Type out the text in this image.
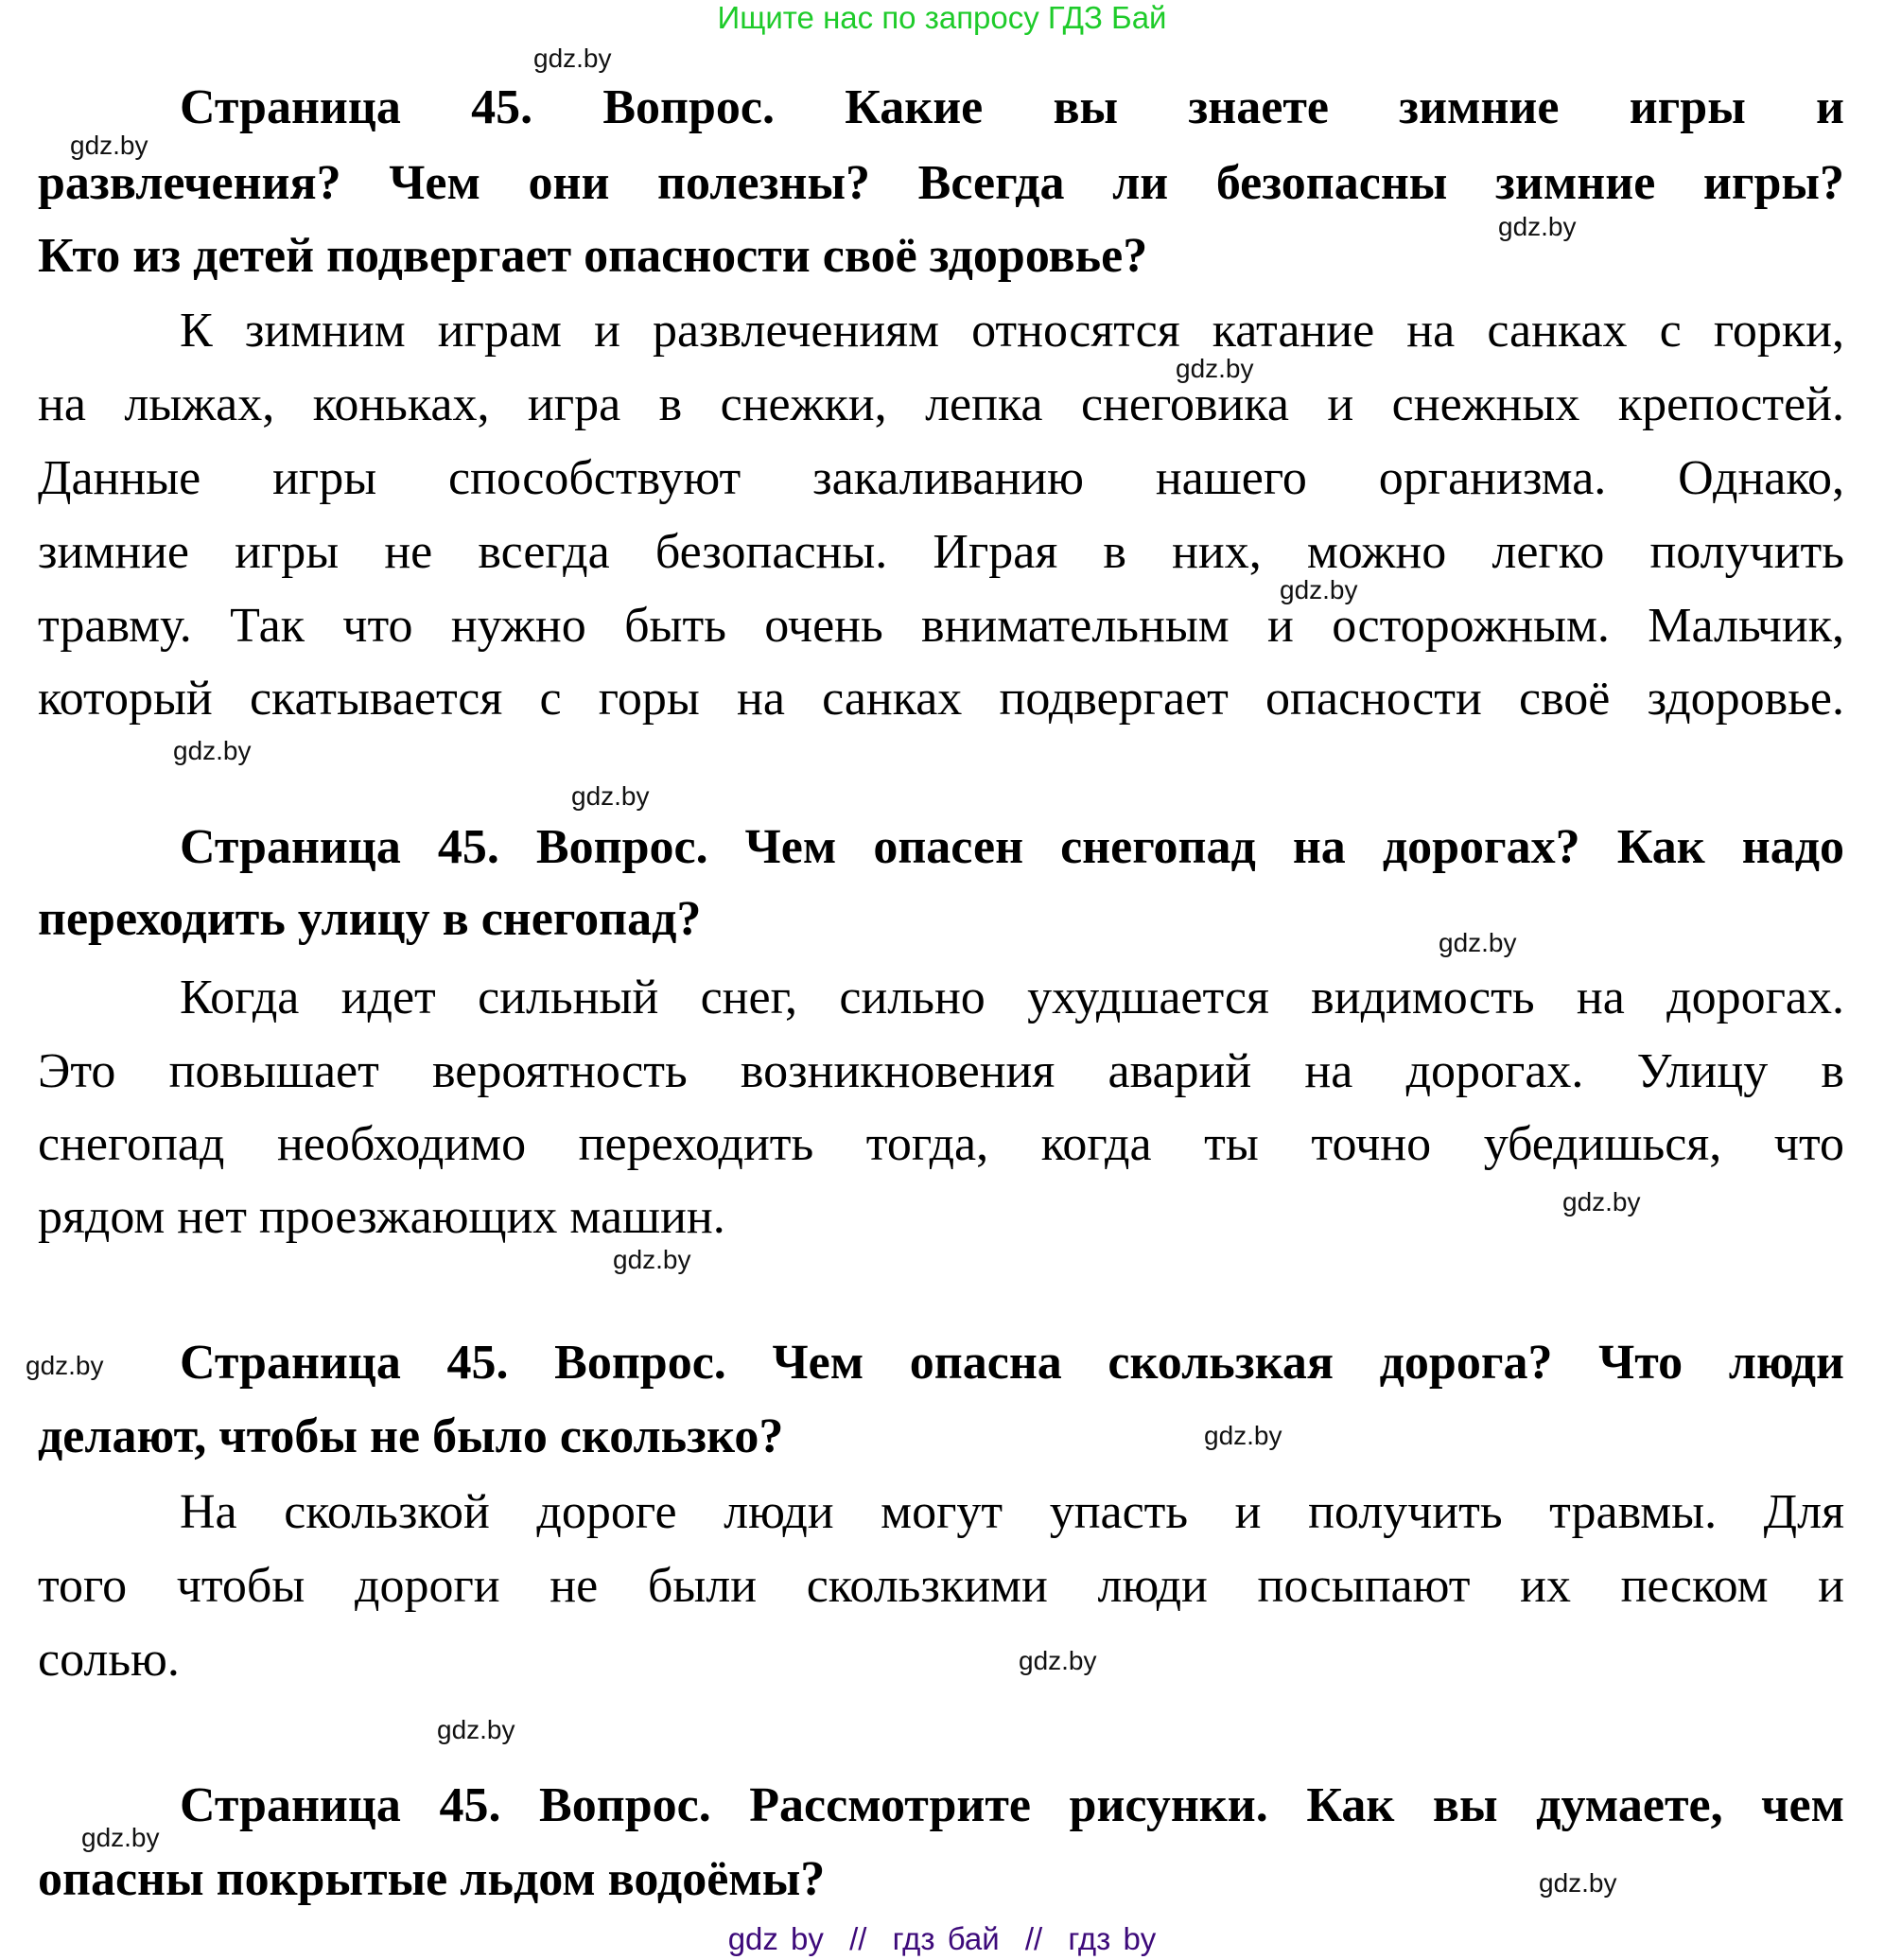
Ищите нас по запросу ГДЗ Бай
gdz.by
gdz.by
gdz.by
gdz.by
gdz.by
gdz.by
gdz.by
gdz.by
gdz.by
gdz.by
gdz.by
gdz.by
gdz.by
gdz.by
gdz.by
gdz.by
Страница 45. Вопрос. Какие вы знаете зимние игры и
развлечения? Чем они полезны? Всегда ли безопасны зимние игры?
Кто из детей подвергает опасности своё здоровье?
К зимним играм и развлечениям относятся катание на санках с горки,
на лыжах, коньках, игра в снежки, лепка снеговика и снежных крепостей.
Данные игры способствуют закаливанию нашего организма. Однако,
зимние игры не всегда безопасны. Играя в них, можно легко получить
травму. Так что нужно быть очень внимательным и осторожным. Мальчик,
который скатывается с горы на санках подвергает опасности своё здоровье.
Страница 45. Вопрос. Чем опасен снегопад на дорогах? Как надо
переходить улицу в снегопад?
Когда идет сильный снег, сильно ухудшается видимость на дорогах.
Это повышает вероятность возникновения аварий на дорогах. Улицу в
снегопад необходимо переходить тогда, когда ты точно убедишься, что
рядом нет проезжающих машин.
Страница 45. Вопрос. Чем опасна скользкая дорога? Что люди
делают, чтобы не было скользко?
На скользкой дороге люди могут упасть и получить травмы. Для
того чтобы дороги не были скользкими люди посыпают их песком и
солью.
Страница 45. Вопрос. Рассмотрите рисунки. Как вы думаете, чем
опасны покрытые льдом водоёмы?
gdz by // гдз бай // гдз by
